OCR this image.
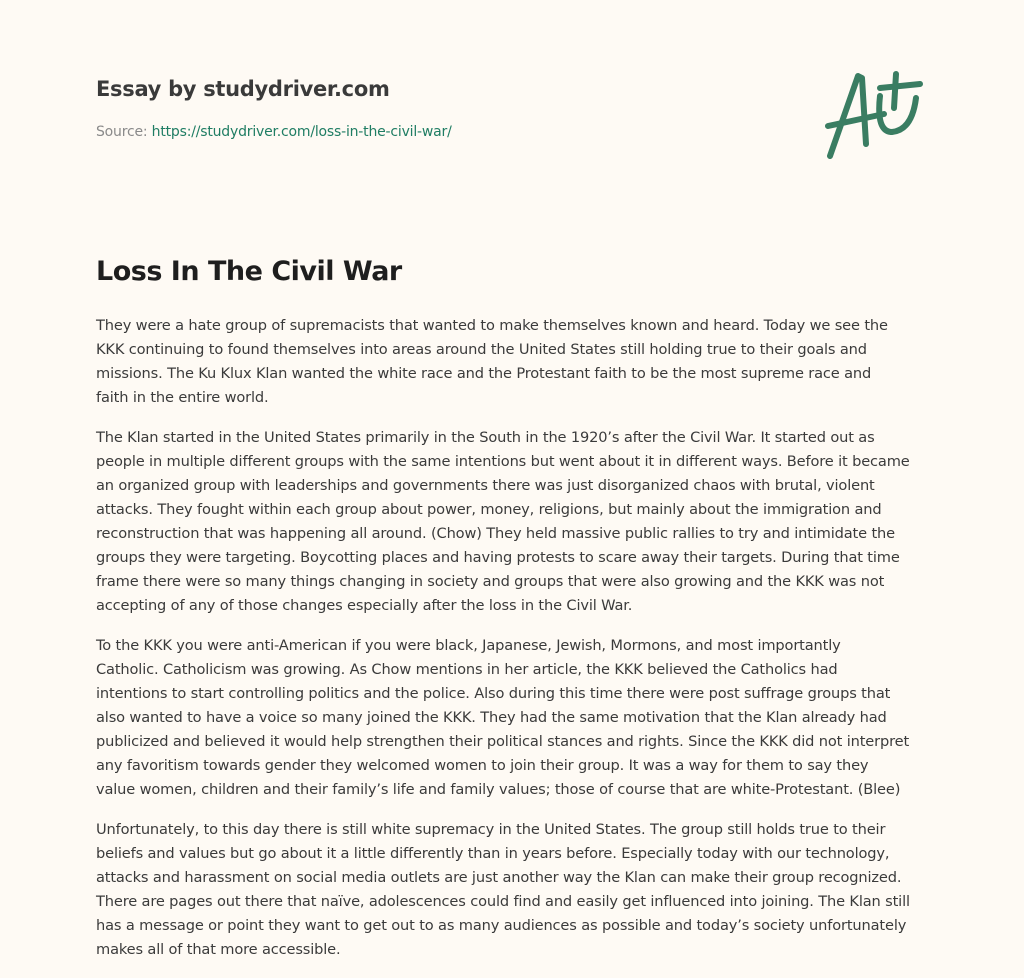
Essay by studydriver.com
Source: https://studydriver.com/loss-in-the-civil-war/
Loss In The Civil War
They were a hate group of supremacists that wanted to make themselves known and heard. Today we see the
KKK continuing to found themselves into areas around the United States still holding true to their goals and
missions. The Ku Klux Klan wanted the white race and the Protestant faith to be the most supreme race and
faith in the entire world.
The Klan started in the United States primarily in the South in the 1920’s after the Civil War. It started out as
people in multiple different groups with the same intentions but went about it in different ways. Before it became
an organized group with leaderships and governments there was just disorganized chaos with brutal, violent
attacks. They fought within each group about power, money, religions, but mainly about the immigration and
reconstruction that was happening all around. (Chow) They held massive public rallies to try and intimidate the
groups they were targeting. Boycotting places and having protests to scare away their targets. During that time
frame there were so many things changing in society and groups that were also growing and the KKK was not
accepting of any of those changes especially after the loss in the Civil War.
To the KKK you were anti-American if you were black, Japanese, Jewish, Mormons, and most importantly
Catholic. Catholicism was growing. As Chow mentions in her article, the KKK believed the Catholics had
intentions to start controlling politics and the police. Also during this time there were post suffrage groups that
also wanted to have a voice so many joined the KKK. They had the same motivation that the Klan already had
publicized and believed it would help strengthen their political stances and rights. Since the KKK did not interpret
any favoritism towards gender they welcomed women to join their group. It was a way for them to say they
value women, children and their family’s life and family values; those of course that are white-Protestant. (Blee)
Unfortunately, to this day there is still white supremacy in the United States. The group still holds true to their
beliefs and values but go about it a little differently than in years before. Especially today with our technology,
attacks and harassment on social media outlets are just another way the Klan can make their group recognized.
There are pages out there that naïve, adolescences could find and easily get influenced into joining. The Klan still
has a message or point they want to get out to as many audiences as possible and today’s society unfortunately
makes all of that more accessible.
